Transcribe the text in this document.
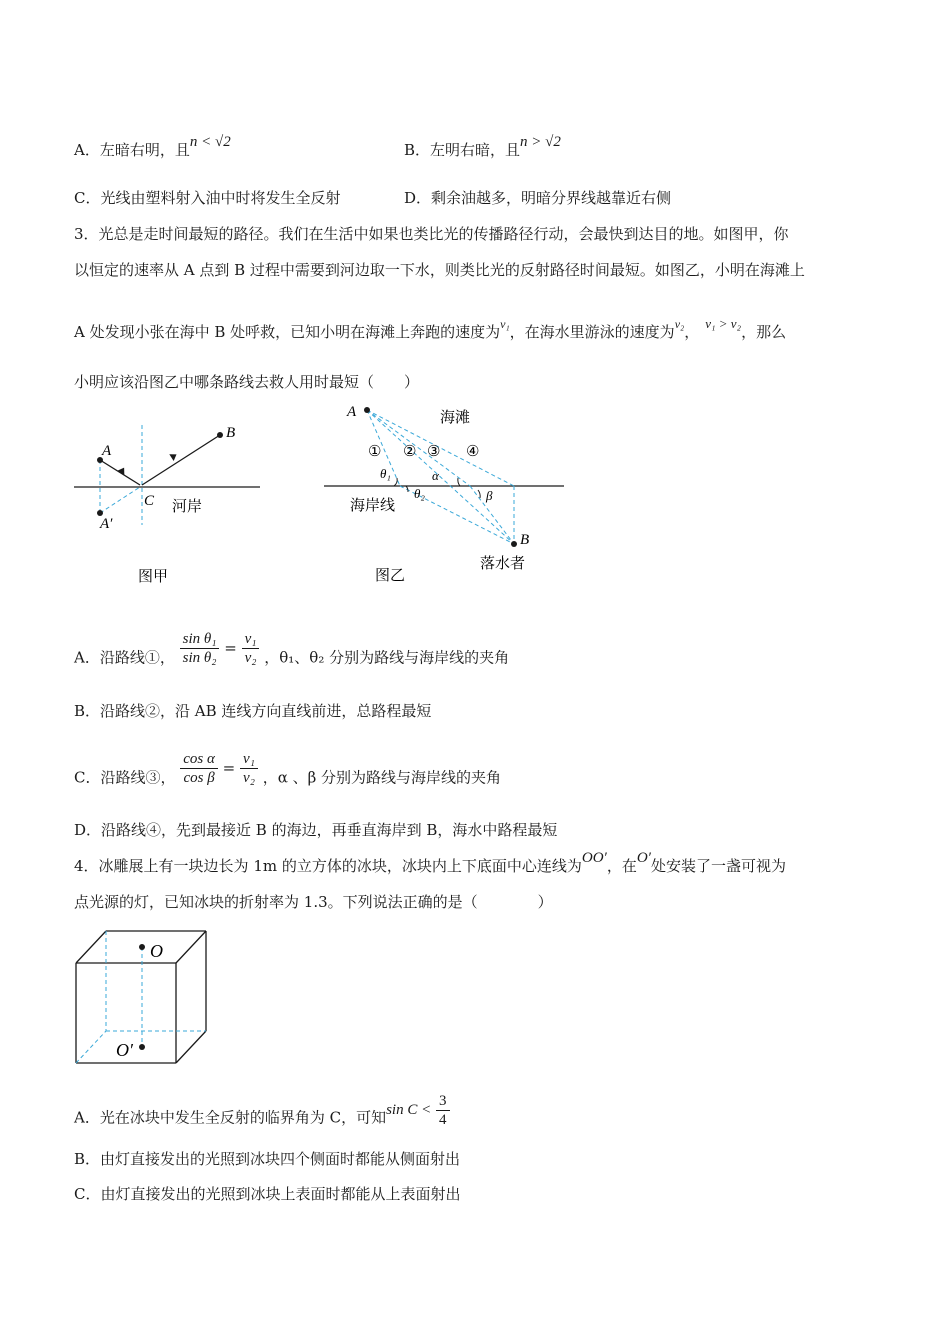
A．左暗右明，且n < √2	B．左明右暗，且n > √2
C．光线由塑料射入油中时将发生全反射	D．剩余油越多，明暗分界线越靠近右侧
3．光总是走时间最短的路径。我们在生活中如果也类比光的传播路径行动，会最快到达目的地。如图甲，你
以恒定的速率从 A 点到 B 过程中需要到河边取一下水，则类比光的反射路径时间最短。如图乙，小明在海滩上
A 处发现小张在海中 B 处呼救，已知小明在海滩上奔跑的速度为$^{v_1}$，在海水里游泳的速度为$^{v_2}$， v₁ > v₂，那么
小明应该沿图乙中哪条路线去救人用时最短（　　）
A
A′
B
C 河岸
图甲
A
B
海滩
① ② ③ ④
θ₁	α
θ₂	β
海岸线
落水者
图乙
A．沿路线①， $\frac{\text{sin θ₁}}{\text{sin θ₂}} = \frac{\text{v₁}}{\text{v₂}}$ ，θ₁、θ₂ 分别为路线与海岸线的夹角
B．沿路线②，沿 AB 连线方向直线前进，总路程最短
C．沿路线③， $\frac{\text{cos α}}{\text{cos β}} = \frac{\text{v₁}}{\text{v₂}}$ ，α 、β 分别为路线与海岸线的夹角
D．沿路线④，先到最接近 B 的海边，再垂直海岸到 B，海水中路程最短
4．冰雕展上有一块边长为 1m 的立方体的冰块，冰块内上下底面中心连线为OO′，在O′处安装了一盏可视为
点光源的灯，已知冰块的折射率为 1.3。下列说法正确的是（　　　　）
O
O′
A．光在冰块中发生全反射的临界角为 C，可知$\sin C < \frac{3}{4}$
B．由灯直接发出的光照到冰块四个侧面时都能从侧面射出
C．由灯直接发出的光照到冰块上表面时都能从上表面射出
